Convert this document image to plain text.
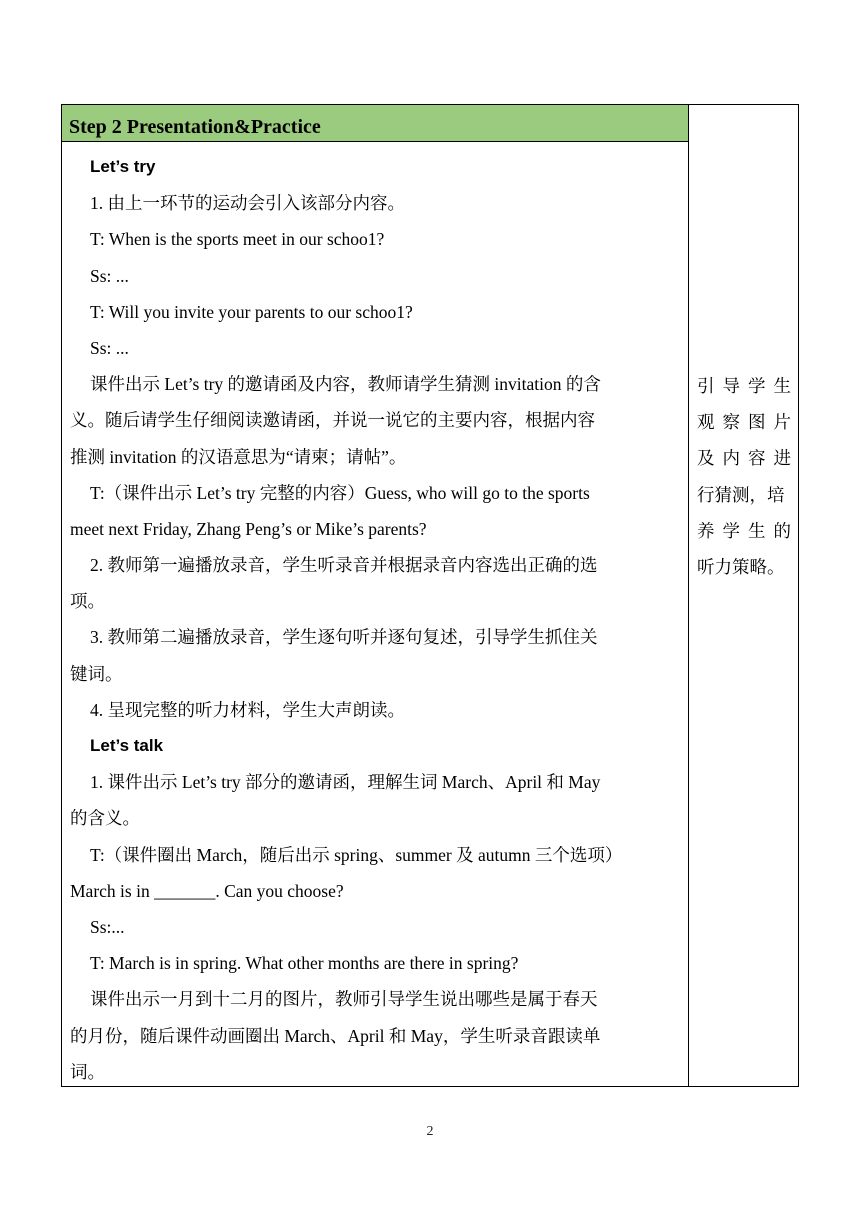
Step 2 Presentation&Practice
Let’s try
1. 由上一环节的运动会引入该部分内容。
T: When is the sports meet in our schoo1?
Ss: ...
T: Will you invite your parents to our schoo1?
Ss: ...
课件出示 Let’s try 的邀请函及内容，教师请学生猜测 invitation 的含
义。随后请学生仔细阅读邀请函，并说一说它的主要内容，根据内容
推测 invitation 的汉语意思为“请柬；请帖”。
T:（课件出示 Let’s try 完整的内容）Guess, who will go to the sports
meet next Friday, Zhang Peng’s or Mike’s parents?
2. 教师第一遍播放录音，学生听录音并根据录音内容选出正确的选
项。
3. 教师第二遍播放录音，学生逐句听并逐句复述，引导学生抓住关
键词。
4. 呈现完整的听力材料，学生大声朗读。
Let’s talk
1. 课件出示 Let’s try 部分的邀请函，理解生词 March、April 和 May
的含义。
T:（课件圈出 March，随后出示 spring、summer 及 autumn 三个选项）
March is in _______. Can you choose?
Ss:...
T: March is in spring. What other months are there in spring?
课件出示一月到十二月的图片，教师引导学生说出哪些是属于春天
的月份，随后课件动画圈出 March、April 和 May，学生听录音跟读单
词。
引 导 学 生
观 察 图 片
及 内 容 进
行猜测，培
养 学 生 的
听力策略。
2
